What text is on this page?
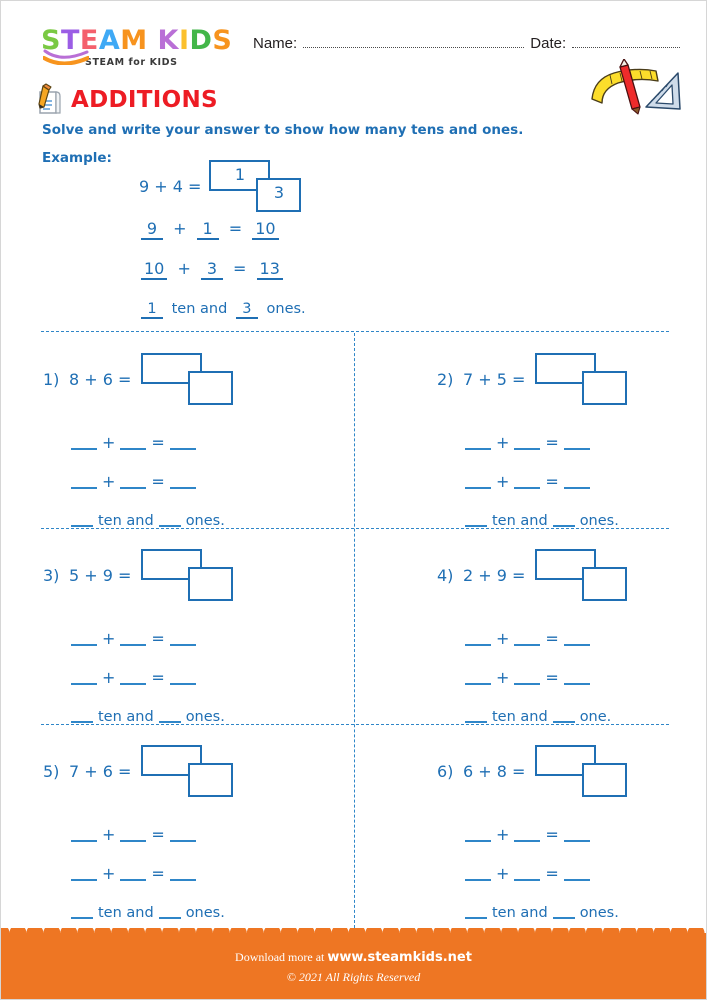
STEAM KIDS
STEAM for KIDS
Name:	Date:
ADDITIONS
Solve and write your answer to show how many tens and ones.
Example:
9 + 4 =
1
3
9 + 1 = 10
10 + 3 = 13
1 ten and 3 ones.
1) 8 + 6 =
+ =
+ =
ten and ones.
2) 7 + 5 =
+ =
+ =
ten and ones.
3) 5 + 9 =
+ =
+ =
ten and ones.
4) 2 + 9 =
+ =
+ =
ten and one.
5) 7 + 6 =
+ =
+ =
ten and ones.
6) 6 + 8 =
+ =
+ =
ten and ones.
Download more at www.steamkids.net
© 2021 All Rights Reserved
